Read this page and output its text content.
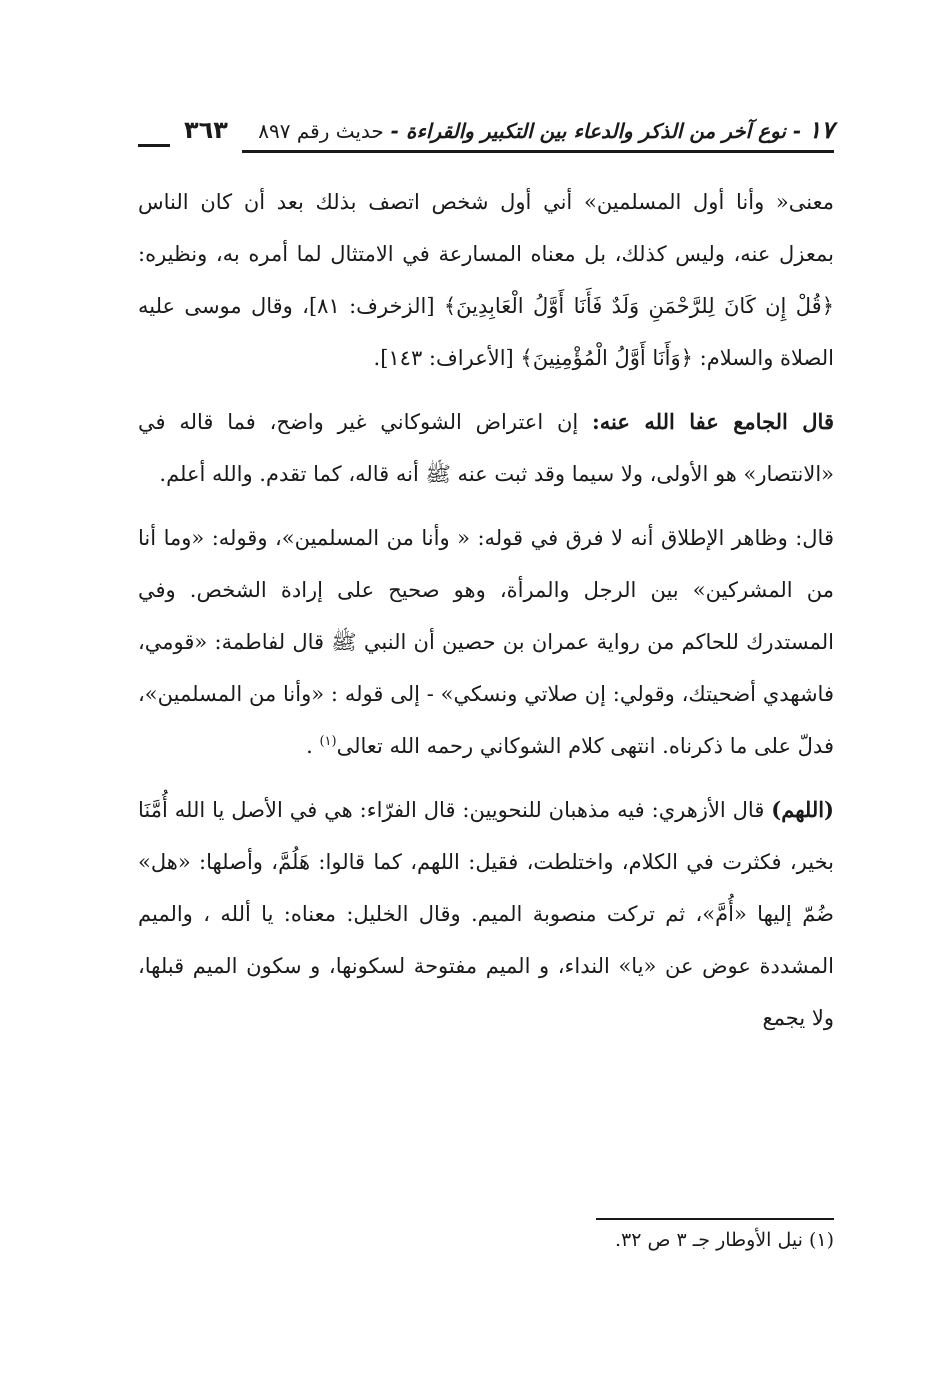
١٧ - نوع آخر من الذكر والدعاء بين التكبير والقراءة - حديث رقم ٨٩٧
٣٦٣

معنى« وأنا أول المسلمين» أني أول شخص اتصف بذلك بعد أن كان الناس بمعزل عنه، وليس كذلك، بل معناه المسارعة في الامتثال لما أمره به، ونظيره: ﴿قُلْ إِن كَانَ لِلرَّحْمَنِ وَلَدٌ فَأَنَا أَوَّلُ الْعَابِدِينَ﴾ [الزخرف: ٨١]، وقال موسى عليه الصلاة والسلام: ﴿وَأَنَا أَوَّلُ الْمُؤْمِنِينَ﴾ [الأعراف: ١٤٣].

قال الجامع عفا الله عنه: إن اعتراض الشوكاني غير واضح، فما قاله في «الانتصار» هو الأولى، ولا سيما وقد ثبت عنه ﷺ أنه قاله، كما تقدم. والله أعلم.

قال: وظاهر الإطلاق أنه لا فرق في قوله: « وأنا من المسلمين»، وقوله: «وما أنا من المشركين» بين الرجل والمرأة، وهو صحيح على إرادة الشخص. وفي المستدرك للحاكم من رواية عمران بن حصين أن النبي ﷺ قال لفاطمة: «قومي، فاشهدي أضحيتك، وقولي: إن صلاتي ونسكي» - إلى قوله : «وأنا من المسلمين»، فدلّ على ما ذكرناه. انتهى كلام الشوكاني رحمه الله تعالى$^{(١)}$ .

(اللهم) قال الأزهري: فيه مذهبان للنحويين: قال الفرّاء: هي في الأصل يا الله أُمَّنَا بخير، فكثرت في الكلام، واختلطت، فقيل: اللهم، كما قالوا: هَلُمَّ، وأصلها: «هل» ضُمّ إليها «أُمَّ»، ثم تركت منصوبة الميم. وقال الخليل: معناه: يا ألله ، والميم المشددة عوض عن «يا» النداء، و الميم مفتوحة لسكونها، و سكون الميم قبلها، ولا يجمع

(١) نيل الأوطار جـ ٣ ص ٣٢.
